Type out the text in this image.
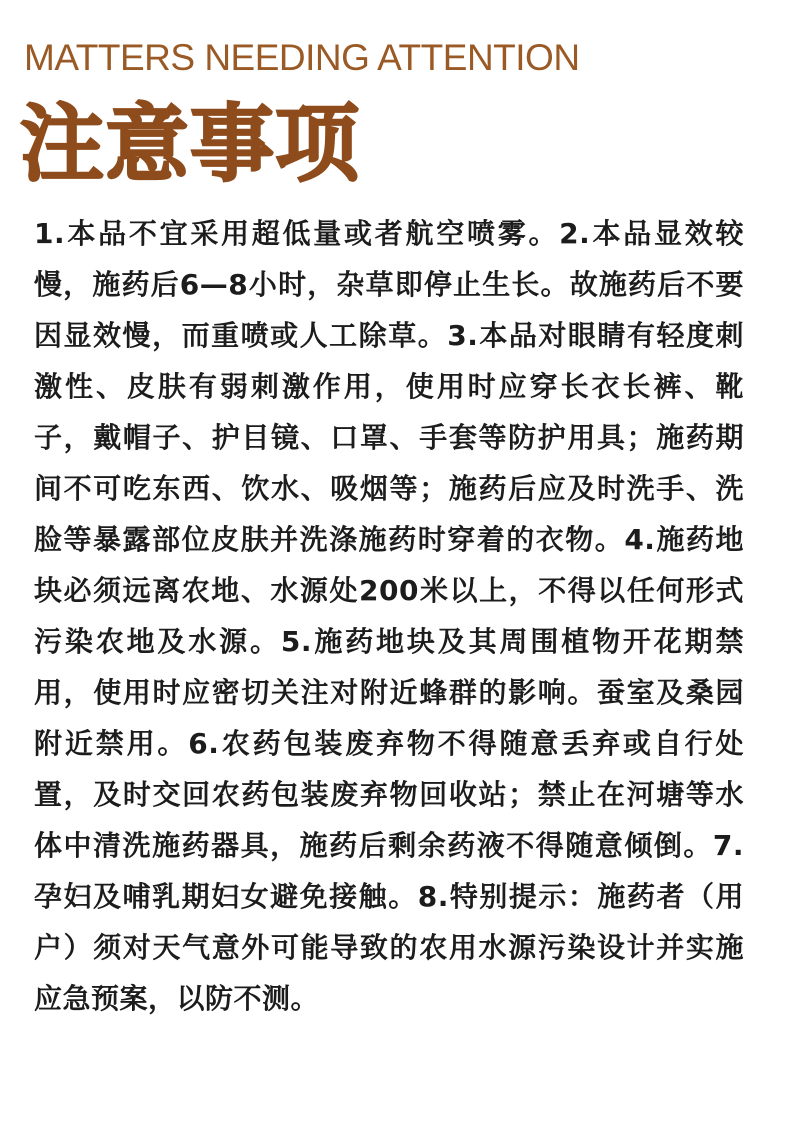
MATTERS NEEDING ATTENTION
注意事项
1.本品不宜采用超低量或者航空喷雾。2.本品显效较慢，施药后6—8小时，杂草即停止生长。故施药后不要因显效慢，而重喷或人工除草。3.本品对眼睛有轻度刺激性、皮肤有弱刺激作用，使用时应穿长衣长裤、靴子，戴帽子、护目镜、口罩、手套等防护用具；施药期间不可吃东西、饮水、吸烟等；施药后应及时洗手、洗脸等暴露部位皮肤并洗涤施药时穿着的衣物。4.施药地块必须远离农地、水源处200米以上，不得以任何形式污染农地及水源。5.施药地块及其周围植物开花期禁用，使用时应密切关注对附近蜂群的影响。蚕室及桑园附近禁用。6.农药包装废弃物不得随意丢弃或自行处置，及时交回农药包装废弃物回收站；禁止在河塘等水体中清洗施药器具，施药后剩余药液不得随意倾倒。7.孕妇及哺乳期妇女避免接触。8.特别提示：施药者（用户）须对天气意外可能导致的农用水源污染设计并实施应急预案，以防不测。
